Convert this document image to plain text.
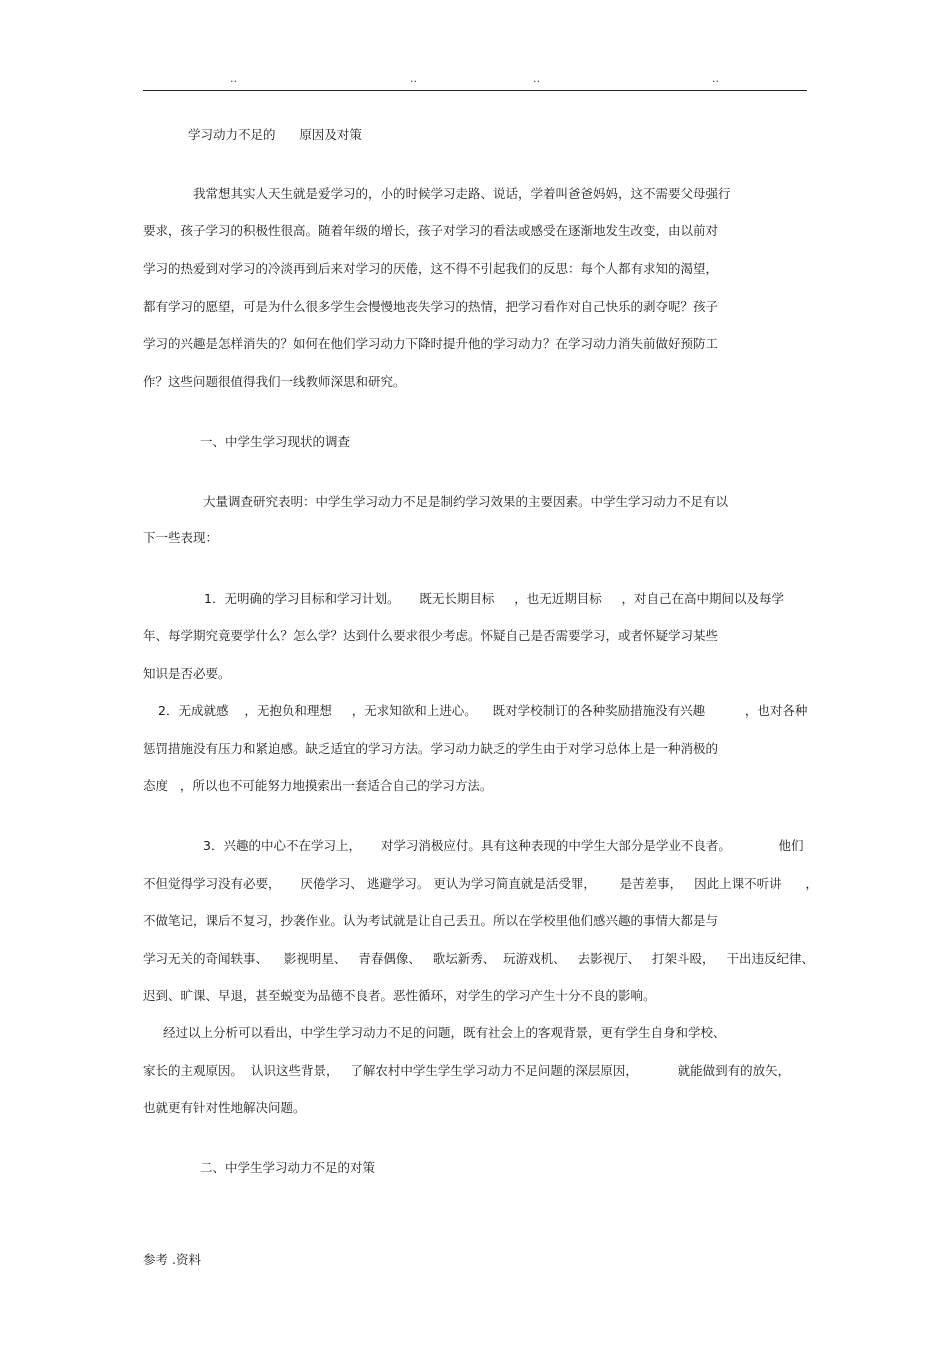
..	..	..	..
学习动力不足的      原因及对策
我常想其实人天生就是爱学习的，小的时候学习走路、说话，学着叫爸爸妈妈，这不需要父母强行
要求，孩子学习的积极性很高。随着年级的增长，孩子对学习的看法或感受在逐渐地发生改变，由以前对
学习的热爱到对学习的冷淡再到后来对学习的厌倦，这不得不引起我们的反思：每个人都有求知的渴望，
都有学习的愿望，可是为什么很多学生会慢慢地丧失学习的热情，把学习看作对自己快乐的剥夺呢？孩子
学习的兴趣是怎样消失的？如何在他们学习动力下降时提升他的学习动力？在学习动力消失前做好预防工
作？这些问题很值得我们一线教师深思和研究。
一、中学生学习现状的调查
大量调查研究表明：中学生学习动力不足是制约学习效果的主要因素。中学生学习动力不足有以
下一些表现：
1．无明确的学习目标和学习计划。     既无长期目标     ，也无近期目标     ，对自己在高中期间以及每学
年、每学期究竟要学什么？怎么学？达到什么要求很少考虑。怀疑自己是否需要学习，或者怀疑学习某些
知识是否必要。
2．无成就感    ，无抱负和理想     ，无求知欲和上进心。    既对学校制订的各种奖励措施没有兴趣          ，也对各种
惩罚措施没有压力和紧迫感。缺乏适宜的学习方法。学习动力缺乏的学生由于对学习总体上是一种消极的
态度   ，所以也不可能努力地摸索出一套适合自己的学习方法。
3．兴趣的中心不在学习上，     对学习消极应付。具有这种表现的中学生大部分是学业不良者。            他们
不但觉得学习没有必要，     厌倦学习、 逃避学习。 更认为学习简直就是活受罪，      是苦差事，   因此上课不听讲      ，
不做笔记，课后不复习，抄袭作业。认为考试就是让自己丢丑。所以在学校里他们感兴趣的事情大都是与
学习无关的奇闻轶事、    影视明星、   青春偶像、   歌坛新秀、  玩游戏机、   去影视厅、   打架斗殴，   干出违反纪律、
迟到、旷课、早退，甚至蜕变为品德不良者。恶性循环，对学生的学习产生十分不良的影响。
经过以上分析可以看出，中学生学习动力不足的问题，既有社会上的客观背景，更有学生自身和学校、
家长的主观原因。  认识这些背景，   了解农村中学生学生学习动力不足问题的深层原因，          就能做到有的放矢，
也就更有针对性地解决问题。
二、中学生学习动力不足的对策
参考 .资料
